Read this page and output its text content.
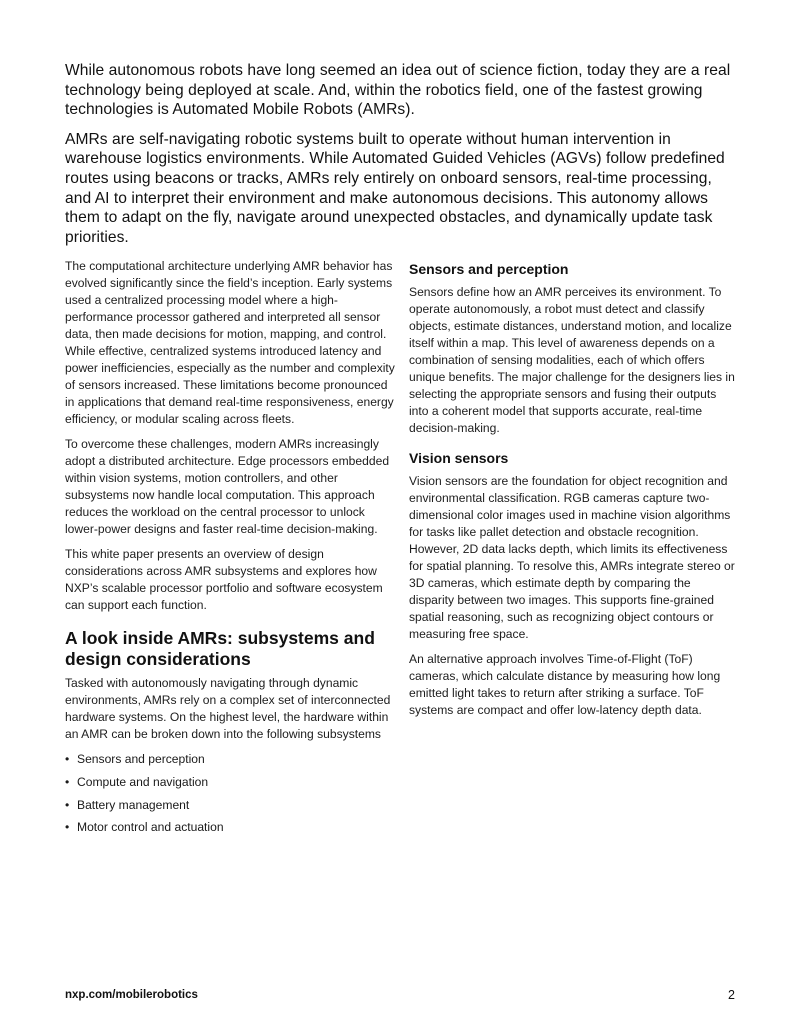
While autonomous robots have long seemed an idea out of science fiction, today they are a real technology being deployed at scale. And, within the robotics field, one of the fastest growing technologies is Automated Mobile Robots (AMRs).

AMRs are self-navigating robotic systems built to operate without human intervention in warehouse logistics environments. While Automated Guided Vehicles (AGVs) follow predefined routes using beacons or tracks, AMRs rely entirely on onboard sensors, real-time processing, and AI to interpret their environment and make autonomous decisions. This autonomy allows them to adapt on the fly, navigate around unexpected obstacles, and dynamically update task priorities.

The computational architecture underlying AMR behavior has evolved significantly since the field’s inception. Early systems used a centralized processing model where a high-performance processor gathered and interpreted all sensor data, then made decisions for motion, mapping, and control. While effective, centralized systems introduced latency and power inefficiencies, especially as the number and complexity of sensors increased. These limitations become pronounced in applications that demand real-time responsiveness, energy efficiency, or modular scaling across fleets.

To overcome these challenges, modern AMRs increasingly adopt a distributed architecture. Edge processors embedded within vision systems, motion controllers, and other subsystems now handle local computation. This approach reduces the workload on the central processor to unlock lower-power designs and faster real-time decision-making.

This white paper presents an overview of design considerations across AMR subsystems and explores how NXP’s scalable processor portfolio and software ecosystem can support each function.

A look inside AMRs: subsystems and design considerations

Tasked with autonomously navigating through dynamic environments, AMRs rely on a complex set of interconnected hardware systems. On the highest level, the hardware within an AMR can be broken down into the following subsystems

• Sensors and perception
• Compute and navigation
• Battery management
• Motor control and actuation
Sensors and perception

Sensors define how an AMR perceives its environment. To operate autonomously, a robot must detect and classify objects, estimate distances, understand motion, and localize itself within a map. This level of awareness depends on a combination of sensing modalities, each of which offers unique benefits. The major challenge for the designers lies in selecting the appropriate sensors and fusing their outputs into a coherent model that supports accurate, real-time decision-making.

Vision sensors

Vision sensors are the foundation for object recognition and environmental classification. RGB cameras capture two-dimensional color images used in machine vision algorithms for tasks like pallet detection and obstacle recognition. However, 2D data lacks depth, which limits its effectiveness for spatial planning. To resolve this, AMRs integrate stereo or 3D cameras, which estimate depth by comparing the disparity between two images. This supports fine-grained spatial reasoning, such as recognizing object contours or measuring free space.

An alternative approach involves Time-of-Flight (ToF) cameras, which calculate distance by measuring how long emitted light takes to return after striking a surface. ToF systems are compact and offer low-latency depth data.

nxp.com/mobilerobotics	2
